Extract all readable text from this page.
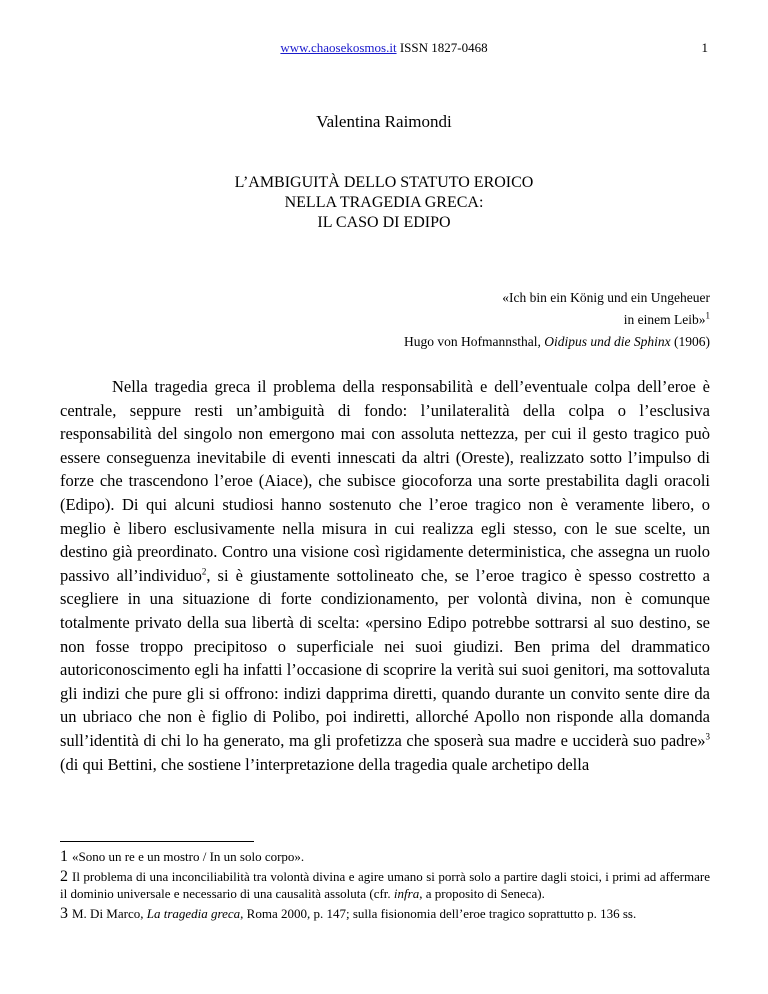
www.chaosekosmos.it ISSN 1827-0468	1
Valentina Raimondi
L’AMBIGUITÀ DELLO STATUTO EROICO
NELLA TRAGEDIA GRECA:
IL CASO DI EDIPO
«Ich bin ein König und ein Ungeheuer
in einem Leib»$^1$
Hugo von Hofmannsthal, Oidipus und die Sphinx (1906)

Nella tragedia greca il problema della responsabilità e dell’eventuale colpa dell’eroe è centrale, seppure resti un’ambiguità di fondo: l’unilateralità della colpa o l’esclusiva responsabilità del singolo non emergono mai con assoluta nettezza, per cui il gesto tragico può essere conseguenza inevitabile di eventi innescati da altri (Oreste), realizzato sotto l’impulso di forze che trascendono l’eroe (Aiace), che subisce giocoforza una sorte prestabilita dagli oracoli (Edipo). Di qui alcuni studiosi hanno sostenuto che l’eroe tragico non è veramente libero, o meglio è libero esclusivamente nella misura in cui realizza egli stesso, con le sue scelte, un destino già preordinato. Contro una visione così rigidamente deterministica, che assegna un ruolo passivo all’individuo$^2$, si è giustamente sottolineato che, se l’eroe tragico è spesso costretto a scegliere in una situazione di forte condizionamento, per volontà divina, non è comunque totalmente privato della sua libertà di scelta: «persino Edipo potrebbe sottrarsi al suo destino, se non fosse troppo precipitoso o superficiale nei suoi giudizi. Ben prima del drammatico autoriconoscimento egli ha infatti l’occasione di scoprire la verità sui suoi genitori, ma sottovaluta gli indizi che pure gli si offrono: indizi dapprima diretti, quando durante un convito sente dire da un ubriaco che non è figlio di Polibo, poi indiretti, allorché Apollo non risponde alla domanda sull’identità di chi lo ha generato, ma gli profetizza che sposerà sua madre e ucciderà suo padre»$^3$ (di qui Bettini, che sostiene l’interpretazione della tragedia quale archetipo della

1 «Sono un re e un mostro / In un solo corpo».

2 Il problema di una inconciliabilità tra volontà divina e agire umano si porrà solo a partire dagli stoici, i primi ad affermare il dominio universale e necessario di una causalità assoluta (cfr. infra, a proposito di Seneca).

3 M. Di Marco, La tragedia greca, Roma 2000, p. 147; sulla fisionomia dell’eroe tragico soprattutto p. 136 ss.
